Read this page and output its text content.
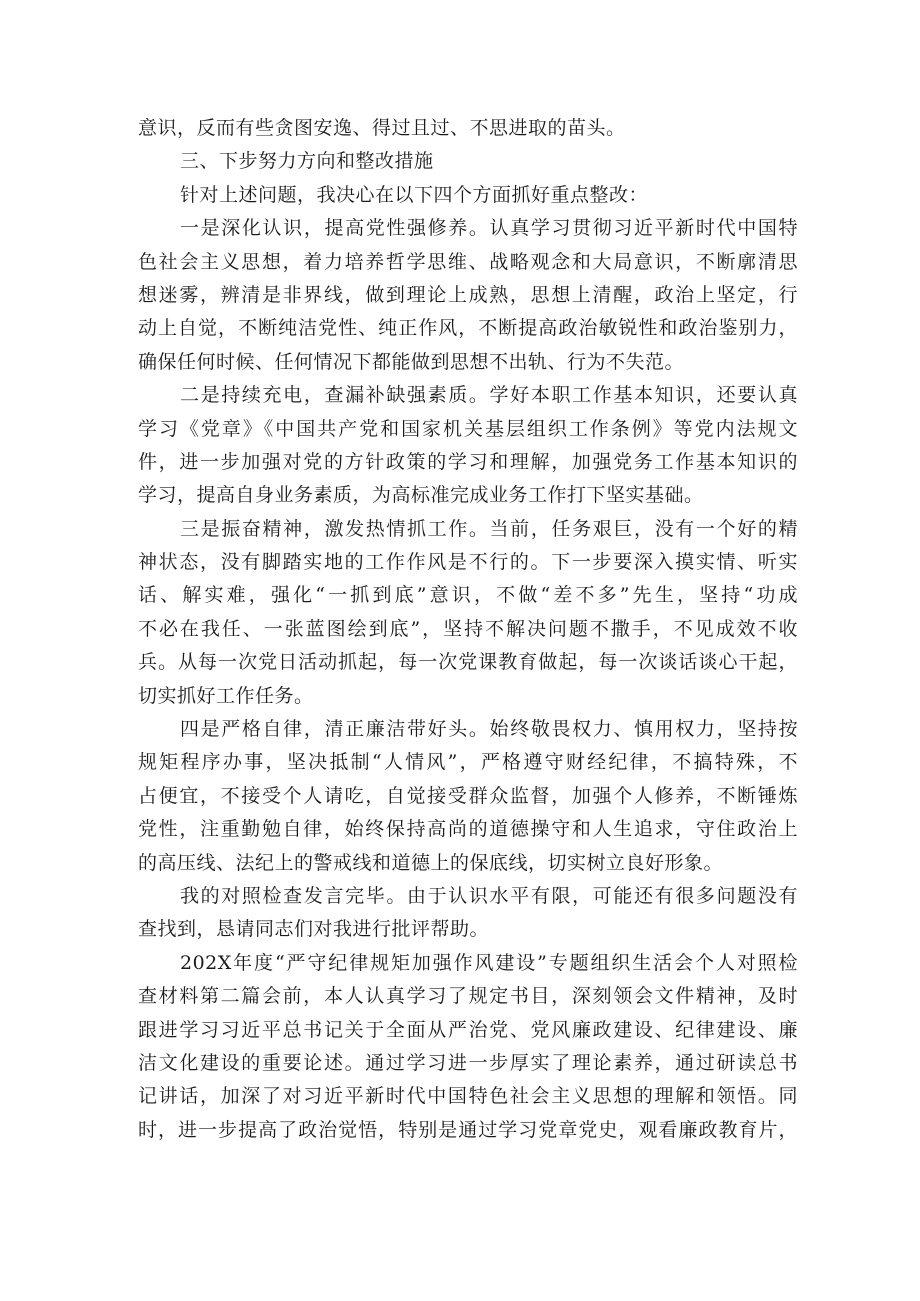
意识，反而有些贪图安逸、得过且过、不思进取的苗头。
三、下步努力方向和整改措施
针对上述问题，我决心在以下四个方面抓好重点整改：
一是深化认识，提高党性强修养。认真学习贯彻习近平新时代中国特
色社会主义思想，着力培养哲学思维、战略观念和大局意识，不断廓清思
想迷雾，辨清是非界线，做到理论上成熟，思想上清醒，政治上坚定，行
动上自觉，不断纯洁党性、纯正作风，不断提高政治敏锐性和政治鉴别力，
确保任何时候、任何情况下都能做到思想不出轨、行为不失范。
二是持续充电，查漏补缺强素质。学好本职工作基本知识，还要认真
学习《党章》《中国共产党和国家机关基层组织工作条例》等党内法规文
件，进一步加强对党的方针政策的学习和理解，加强党务工作基本知识的
学习，提高自身业务素质，为高标准完成业务工作打下坚实基础。
三是振奋精神，激发热情抓工作。当前，任务艰巨，没有一个好的精
神状态，没有脚踏实地的工作作风是不行的。下一步要深入摸实情、听实
话、解实难，强化“一抓到底”意识，不做“差不多”先生，坚持“功成
不必在我任、一张蓝图绘到底”，坚持不解决问题不撒手，不见成效不收
兵。从每一次党日活动抓起，每一次党课教育做起，每一次谈话谈心干起，
切实抓好工作任务。
四是严格自律，清正廉洁带好头。始终敬畏权力、慎用权力，坚持按
规矩程序办事，坚决抵制“人情风”，严格遵守财经纪律，不搞特殊，不
占便宜，不接受个人请吃，自觉接受群众监督，加强个人修养，不断锤炼
党性，注重勤勉自律，始终保持高尚的道德操守和人生追求，守住政治上
的高压线、法纪上的警戒线和道德上的保底线，切实树立良好形象。
我的对照检查发言完毕。由于认识水平有限，可能还有很多问题没有
查找到，恳请同志们对我进行批评帮助。
202X年度“严守纪律规矩加强作风建设”专题组织生活会个人对照检
查材料第二篇会前，本人认真学习了规定书目，深刻领会文件精神，及时
跟进学习习近平总书记关于全面从严治党、党风廉政建设、纪律建设、廉
洁文化建设的重要论述。通过学习进一步厚实了理论素养，通过研读总书
记讲话，加深了对习近平新时代中国特色社会主义思想的理解和领悟。同
时，进一步提高了政治觉悟，特别是通过学习党章党史，观看廉政教育片，
